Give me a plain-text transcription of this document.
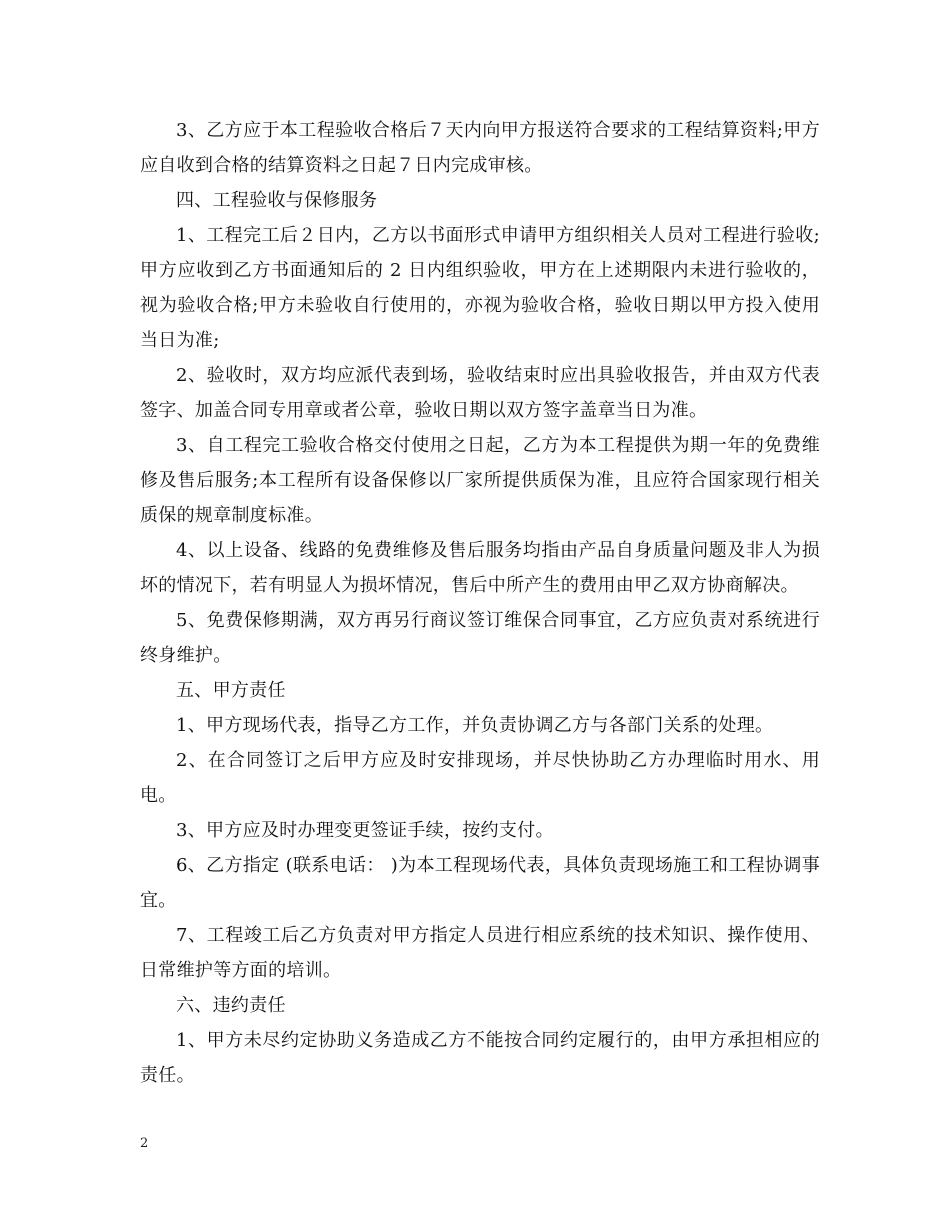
3、乙方应于本工程验收合格后７天内向甲方报送符合要求的工程结算资料;甲方应自收到合格的结算资料之日起７日内完成审核。

四、工程验收与保修服务

1、工程完工后２日内，乙方以书面形式申请甲方组织相关人员对工程进行验收;甲方应收到乙方书面通知后的 2 日内组织验收，甲方在上述期限内未进行验收的，视为验收合格;甲方未验收自行使用的，亦视为验收合格，验收日期以甲方投入使用当日为准;

2、验收时，双方均应派代表到场，验收结束时应出具验收报告，并由双方代表签字、加盖合同专用章或者公章，验收日期以双方签字盖章当日为准。

3、自工程完工验收合格交付使用之日起，乙方为本工程提供为期一年的免费维修及售后服务;本工程所有设备保修以厂家所提供质保为准，且应符合国家现行相关质保的规章制度标准。

4、以上设备、线路的免费维修及售后服务均指由产品自身质量问题及非人为损坏的情况下，若有明显人为损坏情况，售后中所产生的费用由甲乙双方协商解决。

5、免费保修期满，双方再另行商议签订维保合同事宜，乙方应负责对系统进行终身维护。

五、甲方责任

1、甲方现场代表，指导乙方工作，并负责协调乙方与各部门关系的处理。

2、在合同签订之后甲方应及时安排现场，并尽快协助乙方办理临时用水、用电。

3、甲方应及时办理变更签证手续，按约支付。

6、乙方指定 (联系电话： )为本工程现场代表，具体负责现场施工和工程协调事宜。

7、工程竣工后乙方负责对甲方指定人员进行相应系统的技术知识、操作使用、日常维护等方面的培训。

六、违约责任

1、甲方未尽约定协助义务造成乙方不能按合同约定履行的，由甲方承担相应的责任。

2
